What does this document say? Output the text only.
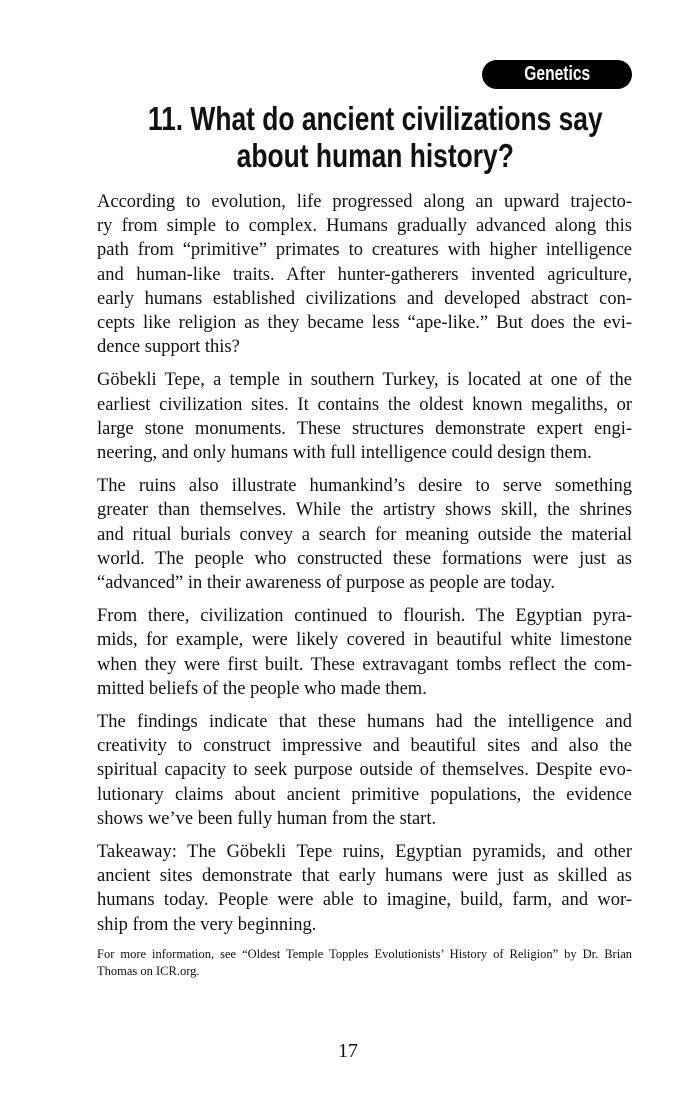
Genetics
11. What do ancient civilizations say
about human history?
According to evolution, life progressed along an upward trajecto-
ry from simple to complex. Humans gradually advanced along this
path from “primitive” primates to creatures with higher intelligence
and human-like traits. After hunter-gatherers invented agriculture,
early humans established civilizations and developed abstract con-
cepts like religion as they became less “ape-like.” But does the evi-
dence support this?
Göbekli Tepe, a temple in southern Turkey, is located at one of the
earliest civilization sites. It contains the oldest known megaliths, or
large stone monuments. These structures demonstrate expert engi-
neering, and only humans with full intelligence could design them.
The ruins also illustrate humankind’s desire to serve something
greater than themselves. While the artistry shows skill, the shrines
and ritual burials convey a search for meaning outside the material
world. The people who constructed these formations were just as
“advanced” in their awareness of purpose as people are today.
From there, civilization continued to flourish. The Egyptian pyra-
mids, for example, were likely covered in beautiful white limestone
when they were first built. These extravagant tombs reflect the com-
mitted beliefs of the people who made them.
The findings indicate that these humans had the intelligence and
creativity to construct impressive and beautiful sites and also the
spiritual capacity to seek purpose outside of themselves. Despite evo-
lutionary claims about ancient primitive populations, the evidence
shows we’ve been fully human from the start.
Takeaway: The Göbekli Tepe ruins, Egyptian pyramids, and other
ancient sites demonstrate that early humans were just as skilled as
humans today. People were able to imagine, build, farm, and wor-
ship from the very beginning.
For more information, see “Oldest Temple Topples Evolutionists’ History of Religion” by Dr. Brian
Thomas on ICR.org.
17
